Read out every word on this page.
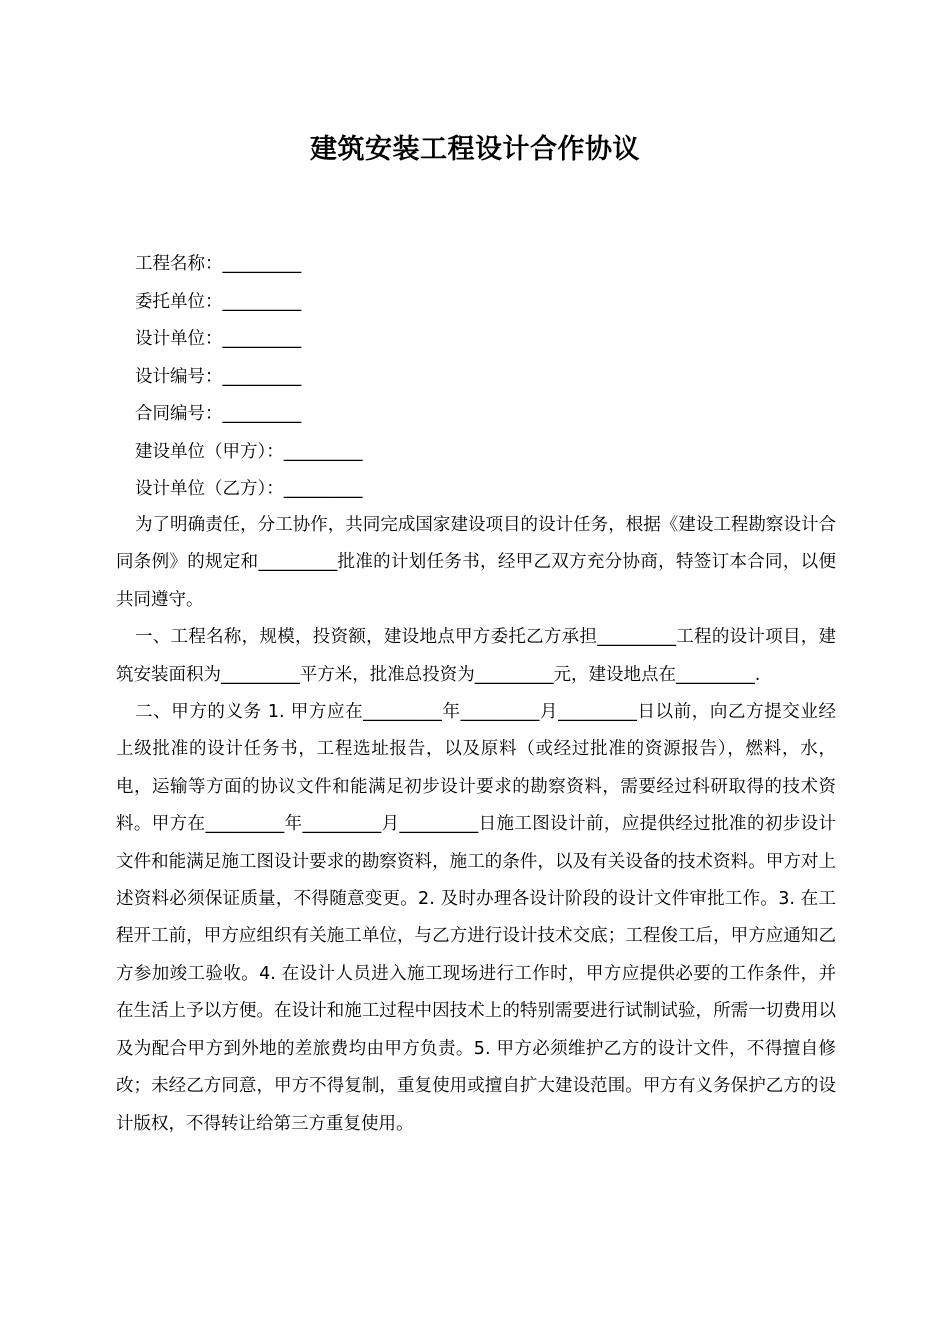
建筑安装工程设计合作协议
工程名称：_________
委托单位：_________
设计单位：_________
设计编号：_________
合同编号：_________
建设单位（甲方）：_________
设计单位（乙方）：_________

为了明确责任，分工协作，共同完成国家建设项目的设计任务，根据《建设工程勘察设计合同条例》的规定和_________批准的计划任务书，经甲乙双方充分协商，特签订本合同，以便共同遵守。

一、工程名称，规模，投资额，建设地点甲方委托乙方承担_________工程的设计项目，建筑安装面积为_________平方米，批准总投资为_________元，建设地点在_________.

二、甲方的义务 1. 甲方应在_________年_________月_________日以前，向乙方提交业经上级批准的设计任务书，工程选址报告，以及原料（或经过批准的资源报告），燃料，水，电，运输等方面的协议文件和能满足初步设计要求的勘察资料，需要经过科研取得的技术资料。甲方在_________年_________月_________日施工图设计前，应提供经过批准的初步设计文件和能满足施工图设计要求的勘察资料，施工的条件，以及有关设备的技术资料。甲方对上述资料必须保证质量，不得随意变更。2. 及时办理各设计阶段的设计文件审批工作。3. 在工程开工前，甲方应组织有关施工单位，与乙方进行设计技术交底；工程俊工后，甲方应通知乙方参加竣工验收。4. 在设计人员进入施工现场进行工作时，甲方应提供必要的工作条件，并在生活上予以方便。在设计和施工过程中因技术上的特别需要进行试制试验，所需一切费用以及为配合甲方到外地的差旅费均由甲方负责。5. 甲方必须维护乙方的设计文件，不得擅自修改；未经乙方同意，甲方不得复制，重复使用或擅自扩大建设范围。甲方有义务保护乙方的设计版权，不得转让给第三方重复使用。
